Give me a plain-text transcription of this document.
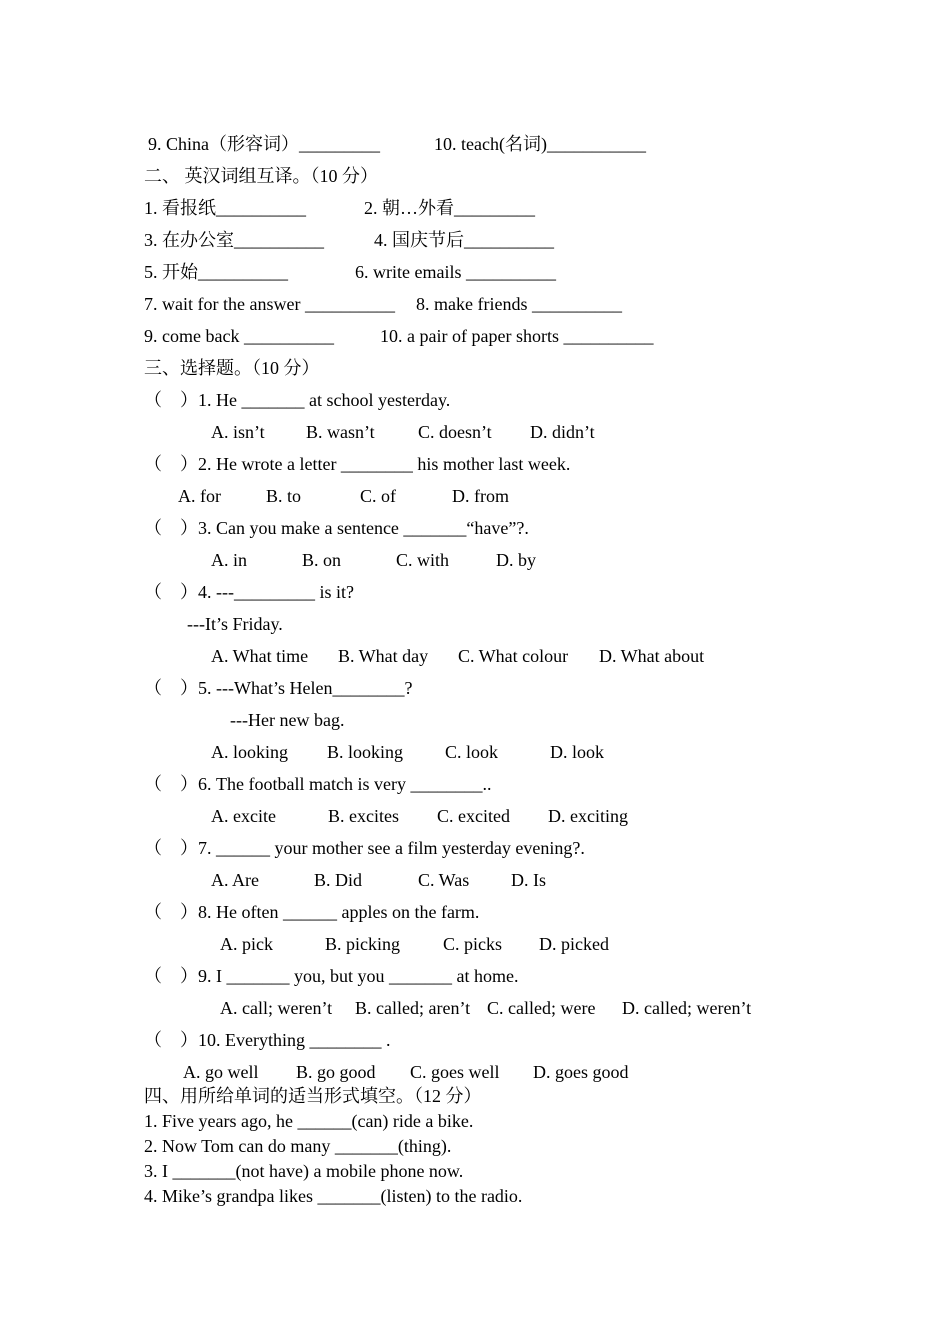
9. China（形容词）_________	10. teach(名词)___________
二、 英汉词组互译。（10 分）
1. 看报纸__________	2. 朝…外看_________
3. 在办公室__________	4. 国庆节后__________
5. 开始__________	6. write emails __________
7. wait for the answer __________ 8. make friends __________
9. come back __________	10. a pair of paper shorts __________
三、选择题。（10 分）
（    ）1. He _______ at school yesterday.
A. isn’t B. wasn’t C. doesn’t D. didn’t
（    ）2. He wrote a letter ________ his mother last week.
A. for	B. to	C. of	D. from
（    ）3. Can you make a sentence _______“have”?.
A. in	B. on	C. with	D. by
（    ）4. ---_________ is it?
---It’s Friday.
A. What time B. What day C. What colour D. What about
（    ）5. ---What’s Helen________?
---Her new bag.
A. looking B. looking C. look	D. look
（    ）6. The football match is very ________..
A. excite	B. excites C. excited D. exciting
（    ）7. ______ your mother see a film yesterday evening?.
A. Are	B. Did	C. Was D. Is
（    ）8. He often ______ apples on the farm.
A. pick	B. picking C. picks D. picked
（    ）9. I _______ you, but you _______ at home.
A. call; weren’t B. called; aren’t C. called; were D. called; weren’t
（    ）10. Everything ________ .
A. go well B. go good C. goes well D. goes good
四、用所给单词的适当形式填空。（12 分）
1. Five years ago, he ______(can) ride a bike.
2. Now Tom can do many _______(thing).
3. I _______(not have) a mobile phone now.
4. Mike’s grandpa likes _______(listen) to the radio.
